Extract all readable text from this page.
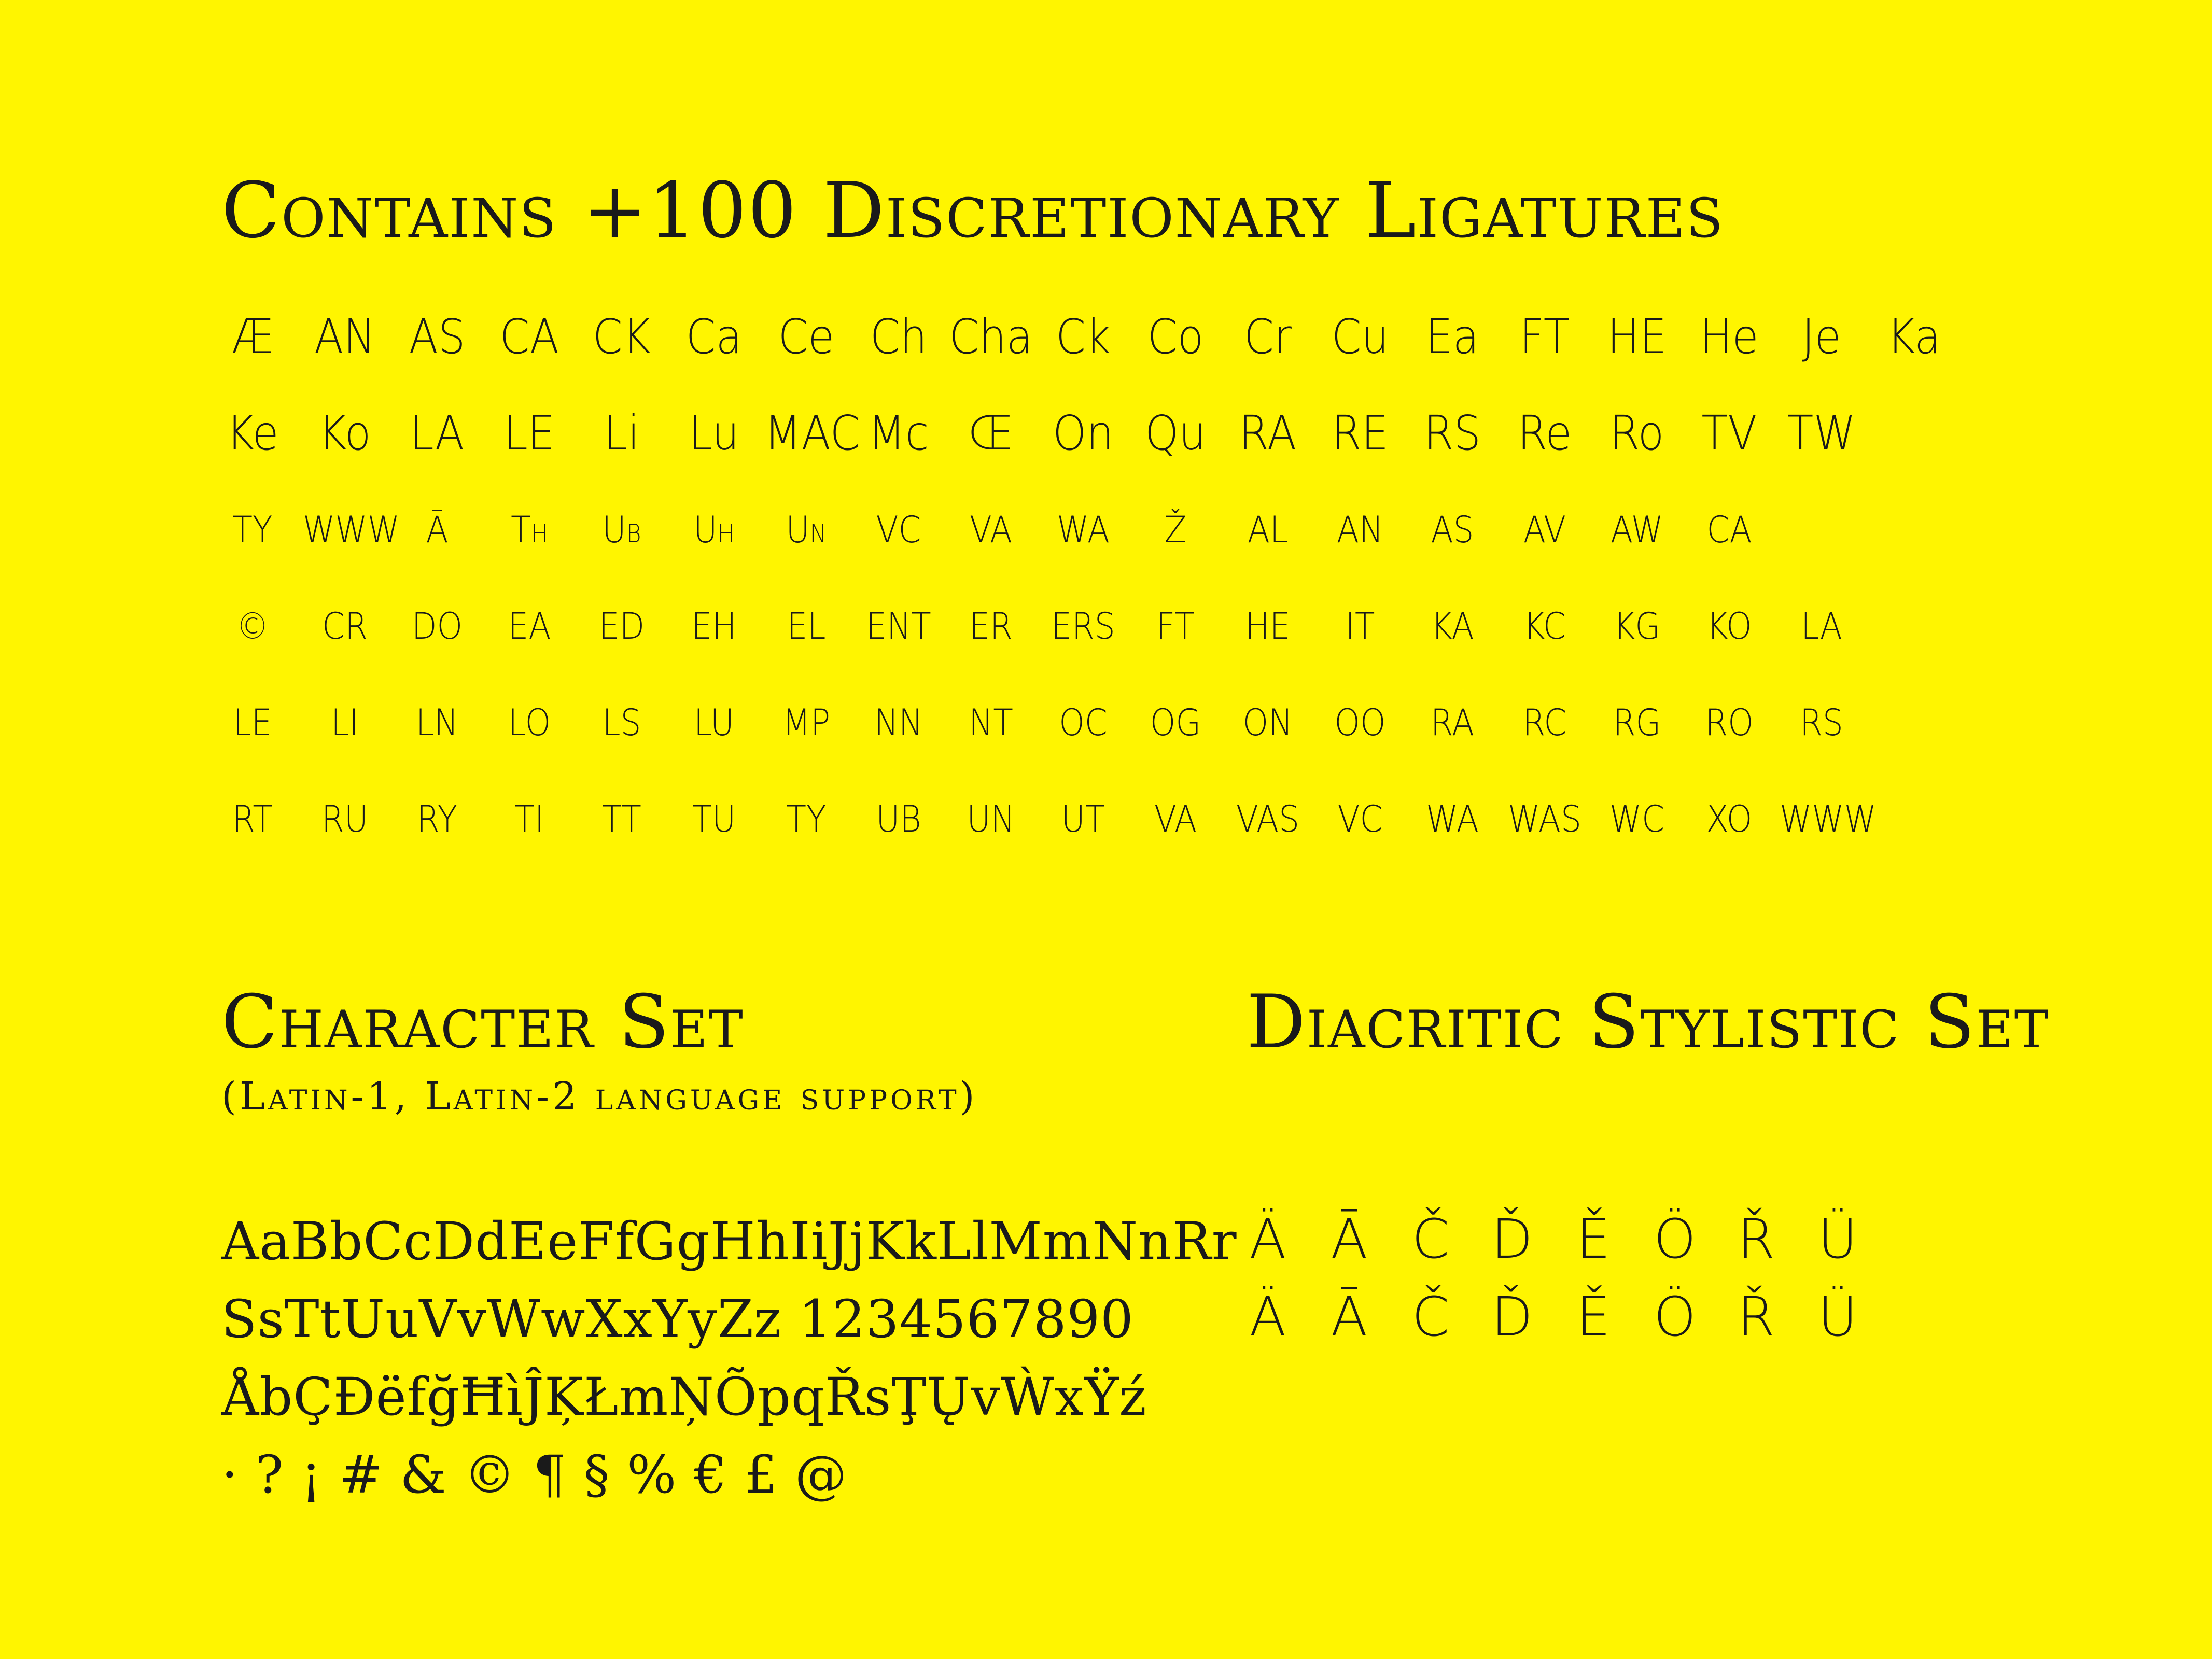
Contains +100 Discretionary Ligatures
Æ AN AS CA CK Ca Ce Ch Cha Ck Co Cr Cu Ea FT HE He Je Ka
Ke Ko LA LE	Li	Lu MAC Mc Œ On Qu RA RE RS Re Ro TV TW
TY WWW Ā	Th	Ub	Uh	Un	VC	VA	WA	Ž	AL	AN	AS	AV	AW	CA
©	CR	DO	EA	ED	EH	EL	ENT	ER	ERS	FT	HE	IT	KA	KC	KG	KO	LA
LE	LI	LN	LO	LS	LU	MP	NN	NT	OC	OG	ON	OO	RA	RC	RG	RO	RS
RT	RU	RY	TI	TT	TU	TY	UB	UN	UT	VA	VAS	VC	WA WAS WC	XO WWW
Character Set
(Latin-1, Latin-2 language support)
AaBbCcDdEeFfGgHhIiJjKkLlMmNnRr
SsTtUuVvWwXxYyZz 1234567890
ÅbÇĐëfğĦìĴĶŁmŅÕpqŘsŢŲvẀxŸź
· ? ¡ # & © ¶ § % € £ @
Diacritic Stylistic Set
Ä Ā Č Ď Ě Ö Ř Ü
Ä Ā Č Ď Ě Ö Ř Ü
